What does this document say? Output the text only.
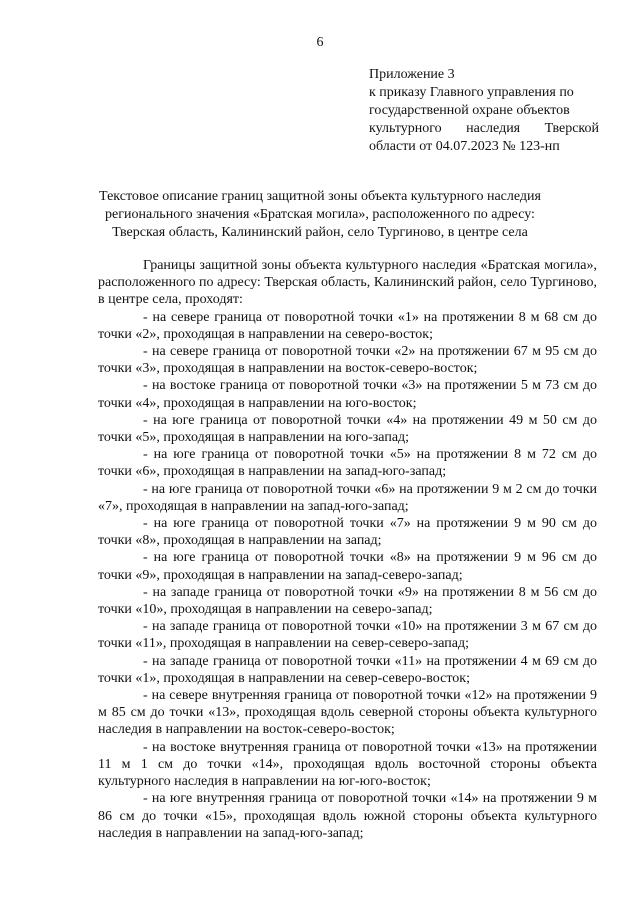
6
Приложение 3
к приказу Главного управления по
государственной охране объектов
культурного наследия Тверской
области от 04.07.2023 № 123-нп
Текстовое описание границ защитной зоны объекта культурного наследия
регионального значения «Братская могила», расположенного по адресу:
Тверская область, Калининский район, село Тургиново, в центре села

Границы защитной зоны объекта культурного наследия «Братская могила», расположенного по адресу: Тверская область, Калининский район, село Тургиново, в центре села, проходят:

- на севере граница от поворотной точки «1» на протяжении 8 м 68 см до точки «2», проходящая в направлении на северо-восток;

- на севере граница от поворотной точки «2» на протяжении 67 м 95 см до точки «3», проходящая в направлении на восток-северо-восток;

- на востоке граница от поворотной точки «3» на протяжении 5 м 73 см до точки «4», проходящая в направлении на юго-восток;

- на юге граница от поворотной точки «4» на протяжении 49 м 50 см до точки «5», проходящая в направлении на юго-запад;

- на юге граница от поворотной точки «5» на протяжении 8 м 72 см до точки «6», проходящая в направлении на запад-юго-запад;

- на юге граница от поворотной точки «6» на протяжении 9 м 2 см до точки «7», проходящая в направлении на запад-юго-запад;

- на юге граница от поворотной точки «7» на протяжении 9 м 90 см до точки «8», проходящая в направлении на запад;

- на юге граница от поворотной точки «8» на протяжении 9 м 96 см до точки «9», проходящая в направлении на запад-северо-запад;

- на западе граница от поворотной точки «9» на протяжении 8 м 56 см до точки «10», проходящая в направлении на северо-запад;

- на западе граница от поворотной точки «10» на протяжении 3 м 67 см до точки «11», проходящая в направлении на север-северо-запад;

- на западе граница от поворотной точки «11» на протяжении 4 м 69 см до точки «1», проходящая в направлении на север-северо-восток;

- на севере внутренняя граница от поворотной точки «12» на протяжении 9 м 85 см до точки «13», проходящая вдоль северной стороны объекта культурного наследия в направлении на восток-северо-восток;

- на востоке внутренняя граница от поворотной точки «13» на протяжении 11 м 1 см до точки «14», проходящая вдоль восточной стороны объекта культурного наследия в направлении на юг-юго-восток;

- на юге внутренняя граница от поворотной точки «14» на протяжении 9 м 86 см до точки «15», проходящая вдоль южной стороны объекта культурного наследия в направлении на запад-юго-запад;
